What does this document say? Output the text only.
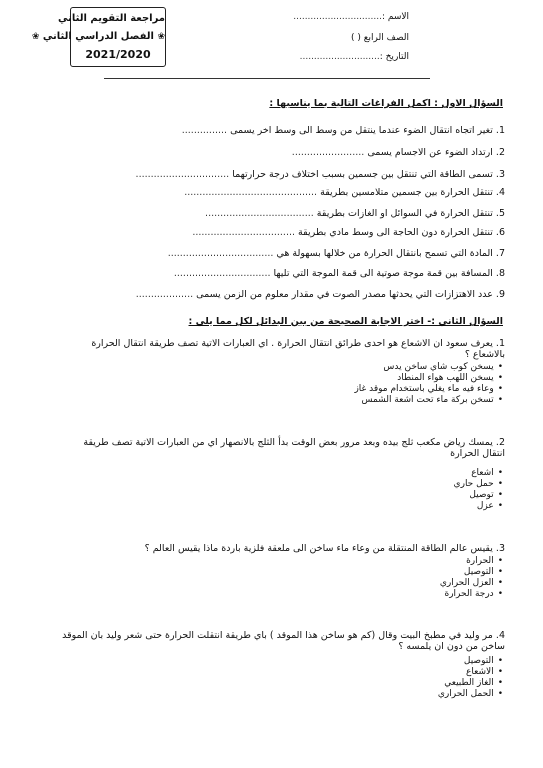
مراجعة التقويم الثاني
❀ الفصل الدراسي الثاني ❀
2021/2020
الاسم :...............................
الصف الرابع ( )
التاريخ :............................
السؤال الاول : اكمل الفراغات التالية بما يناسبها :
1. تغير اتجاه انتقال الضوء عندما ينتقل من وسط الى وسط اخر يسمى ...............
2. ارتداد الضوء عن الاجسام يسمى ........................
3. تسمى الطاقة التي تنتقل بين جسمين بسبب اختلاف درجة حرارتهما ...............................
4. تنتقل الحرارة بين جسمين متلامسين بطريقة ............................................
5. تنتقل الحرارة في السوائل او الغازات بطريقة ....................................
6. تنتقل الحرارة دون الحاجة الى وسط مادي بطريقة ..................................
7. المادة التي تسمح بانتقال الحرارة من خلالها بسهولة هي ...................................
8. المسافة بين قمة موجة صوتية الى قمة الموجة التي تليها ................................
9. عدد الاهتزازات التي يحدثها مصدر الصوت في مقدار معلوم من الزمن يسمى ...................
السؤال الثاني :- اختر الاجابة الصحيحة من بين البدائل لكل مما يلي :
1. يعرف سعود ان الاشعاع هو احدى طرائق انتقال الحرارة . اي العبارات الاتية تصف طريقة انتقال الحرارة
بالاشعاع ؟
• يسخن كوب شاي ساخن يدس
• يسخن اللهب هواء المنطاد
• وعاء فيه ماء يغلي باستخدام موقد غاز
• تسخن بركة ماء تحت اشعة الشمس
2. يمسك رياض مكعب ثلج بيده وبعد مرور بعض الوقت بدأ الثلج بالانصهار اي من العبارات الاتية تصف طريقة
انتقال الحرارة
• اشعاع
• حمل حاري
• توصيل
• عزل
3. يقيس عالم الطاقة المنتقلة من وعاء ماء ساخن الى ملعقة فلزية باردة ماذا يقيس العالم ؟
• الحرارة
• التوصيل
• العزل الحراري
• درجة الحرارة
4. مر وليد في مطبخ البيت وقال (كم هو ساخن هذا الموقد ) باي طريقة انتقلت الحرارة حتى شعر وليد بان الموقد
ساخن من دون ان يلمسه ؟
• التوصيل
• الاشعاع
• الغاز الطبيعي
• الحمل الحراري
